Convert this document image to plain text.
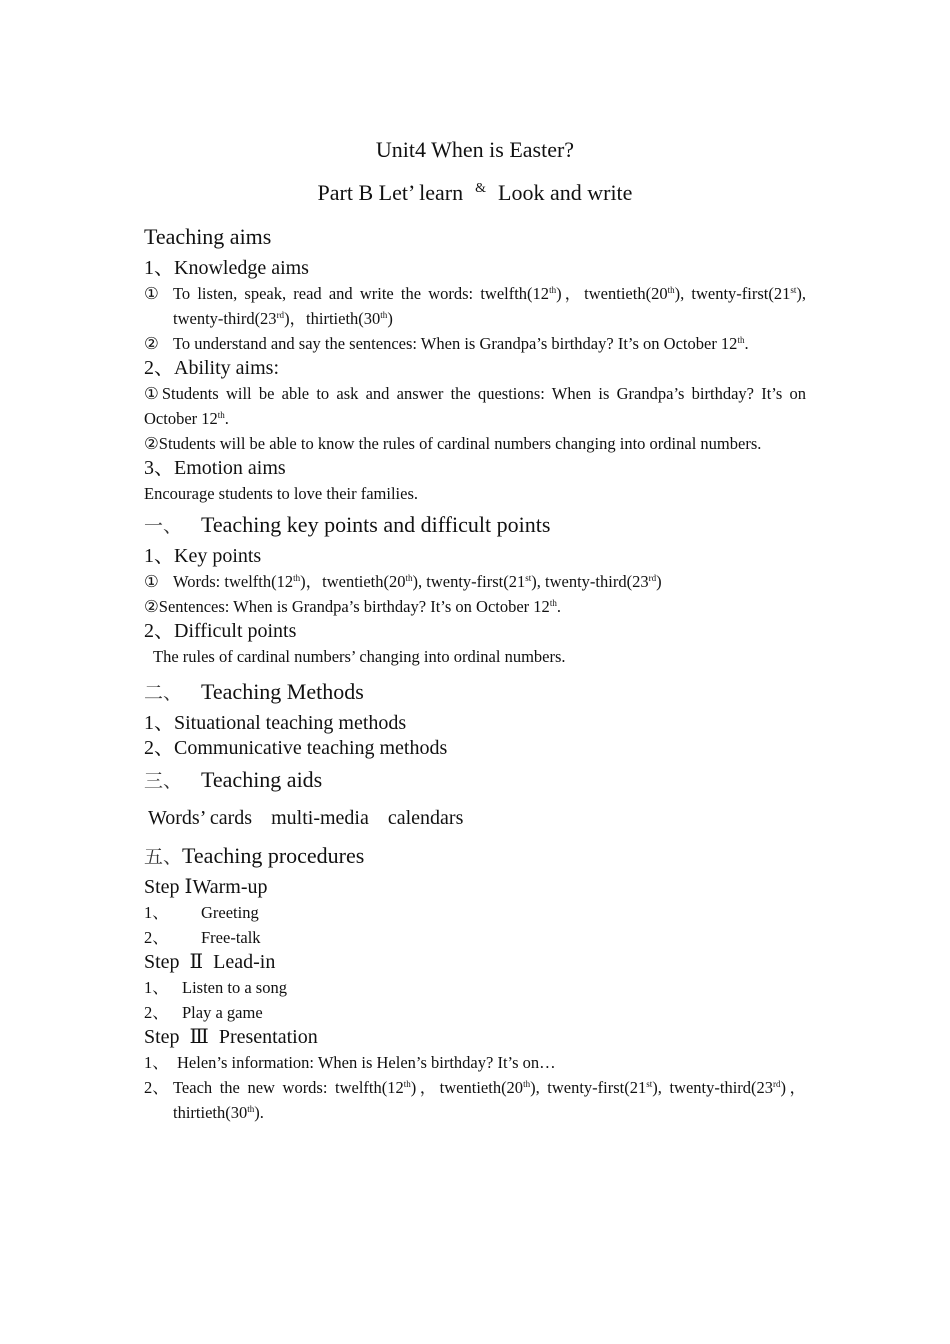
Unit4 When is Easter?
Part B Let’ learn & Look and write
Teaching aims
1、Knowledge aims
① To listen, speak, read and write the words: twelfth(12th)，twentieth(20th), twenty-first(21st), twenty-third(23rd)，thirtieth(30th)
② To understand and say the sentences: When is Grandpa’s birthday? It’s on October 12th.
2、Ability aims:
①Students will be able to ask and answer the questions: When is Grandpa’s birthday? It’s on October 12th.
②Students will be able to know the rules of cardinal numbers changing into ordinal numbers.
3、Emotion aims
Encourage students to love their families.
一、 Teaching key points and difficult points
1、Key points
① Words: twelfth(12th)，twentieth(20th), twenty-first(21st), twenty-third(23rd)
②Sentences: When is Grandpa’s birthday? It’s on October 12th.
2、Difficult points
The rules of cardinal numbers’ changing into ordinal numbers.
二、 Teaching Methods
1、Situational teaching methods
2、Communicative teaching methods
三、 Teaching aids
Words’ cards multi-media calendars
五、Teaching procedures
Step ⅠWarm-up
1、 Greeting
2、 Free-talk
Step  Ⅱ  Lead-in
1、 Listen to a song
2、 Play a game
Step  Ⅲ  Presentation
1、 Helen’s information: When is Helen’s birthday? It’s on…
2、 Teach the new words: twelfth(12th)，twentieth(20th), twenty-first(21st), twenty-third(23rd)，thirtieth(30th).
